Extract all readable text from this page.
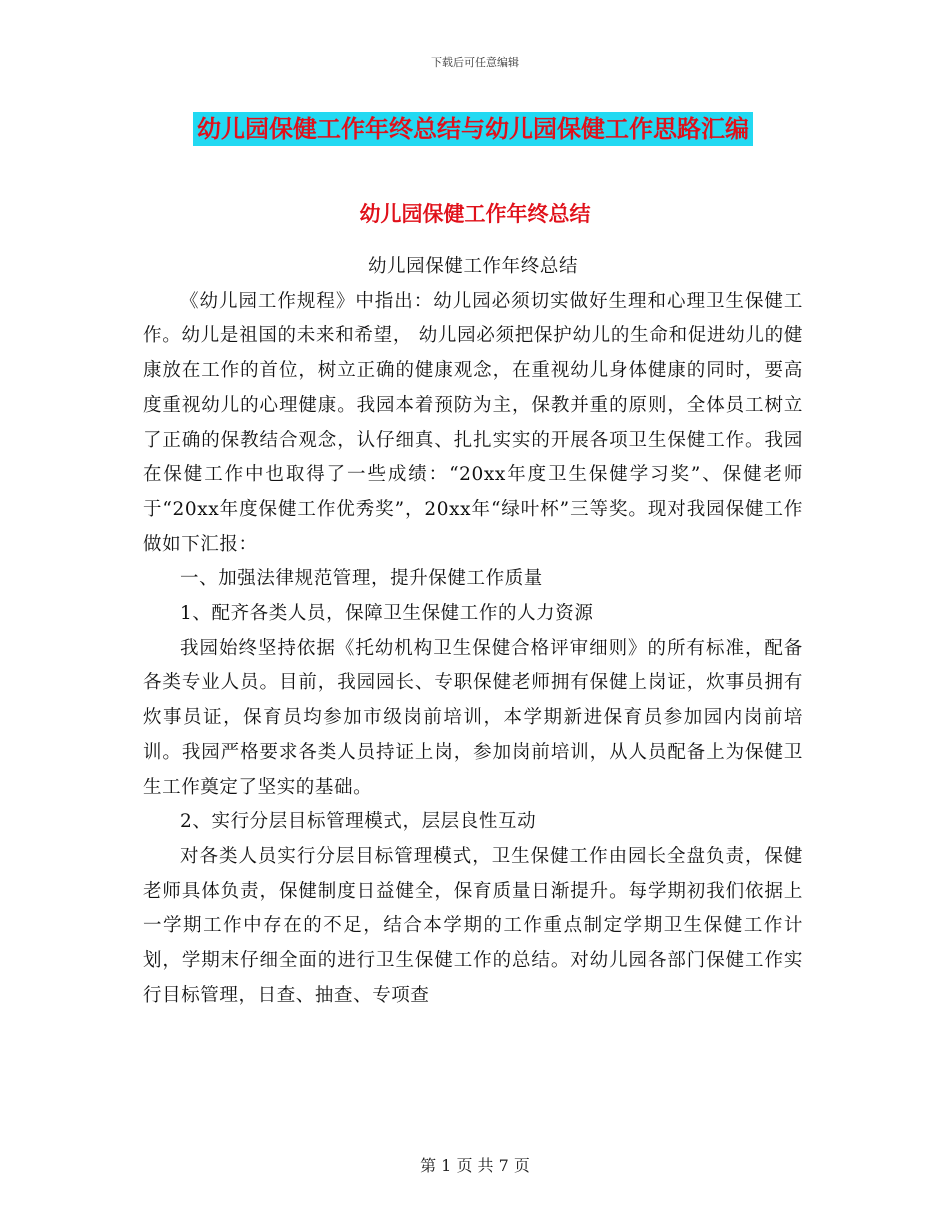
下载后可任意编辑
幼儿园保健工作年终总结与幼儿园保健工作思路汇编
幼儿园保健工作年终总结

幼儿园保健工作年终总结

《幼儿园工作规程》中指出：幼儿园必须切实做好生理和心理卫生保健工作。幼儿是祖国的未来和希望， 幼儿园必须把保护幼儿的生命和促进幼儿的健康放在工作的首位，树立正确的健康观念，在重视幼儿身体健康的同时，要高度重视幼儿的心理健康。我园本着预防为主，保教并重的原则，全体员工树立了正确的保教结合观念，认仔细真、扎扎实实的开展各项卫生保健工作。我园在保健工作中也取得了一些成绩：“20xx年度卫生保健学习奖”、保健老师于“20xx年度保健工作优秀奖”，20xx年“绿叶杯”三等奖。现对我园保健工作做如下汇报：

一、加强法律规范管理，提升保健工作质量

1、配齐各类人员，保障卫生保健工作的人力资源

我园始终坚持依据《托幼机构卫生保健合格评审细则》的所有标准，配备各类专业人员。目前，我园园长、专职保健老师拥有保健上岗证，炊事员拥有炊事员证，保育员均参加市级岗前培训，本学期新进保育员参加园内岗前培训。我园严格要求各类人员持证上岗，参加岗前培训，从人员配备上为保健卫生工作奠定了坚实的基础。

2、实行分层目标管理模式，层层良性互动

对各类人员实行分层目标管理模式，卫生保健工作由园长全盘负责，保健老师具体负责，保健制度日益健全，保育质量日渐提升。每学期初我们依据上一学期工作中存在的不足，结合本学期的工作重点制定学期卫生保健工作计划，学期末仔细全面的进行卫生保健工作的总结。对幼儿园各部门保健工作实行目标管理，日查、抽查、专项查

第 1 页 共 7 页
